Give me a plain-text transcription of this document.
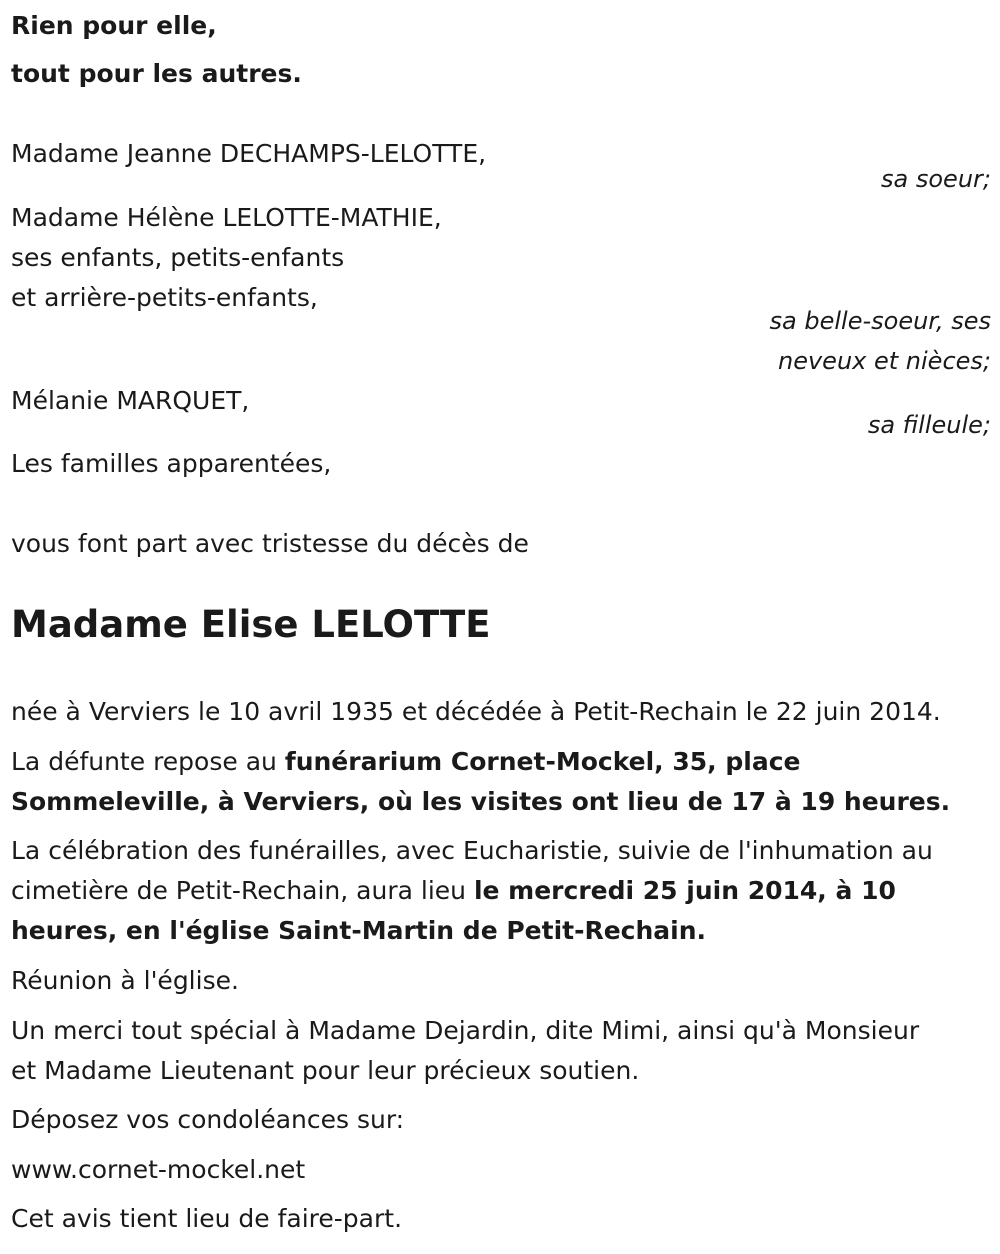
Rien pour elle,
tout pour les autres.
Madame Jeanne DECHAMPS-LELOTTE,
sa soeur;
Madame Hélène LELOTTE-MATHIE,
ses enfants, petits-enfants
et arrière-petits-enfants,
sa belle-soeur, ses
neveux et nièces;
Mélanie MARQUET,
sa filleule;
Les familles apparentées,
vous font part avec tristesse du décès de
Madame Elise LELOTTE
née à Verviers le 10 avril 1935 et décédée à Petit-Rechain le 22 juin 2014.
La défunte repose au funérarium Cornet-Mockel, 35, place
Sommeleville, à Verviers, où les visites ont lieu de 17 à 19 heures.
La célébration des funérailles, avec Eucharistie, suivie de l'inhumation au
cimetière de Petit-Rechain, aura lieu le mercredi 25 juin 2014, à 10
heures, en l'église Saint-Martin de Petit-Rechain.
Réunion à l'église.
Un merci tout spécial à Madame Dejardin, dite Mimi, ainsi qu'à Monsieur
et Madame Lieutenant pour leur précieux soutien.
Déposez vos condoléances sur:
www.cornet-mockel.net
Cet avis tient lieu de faire-part.
